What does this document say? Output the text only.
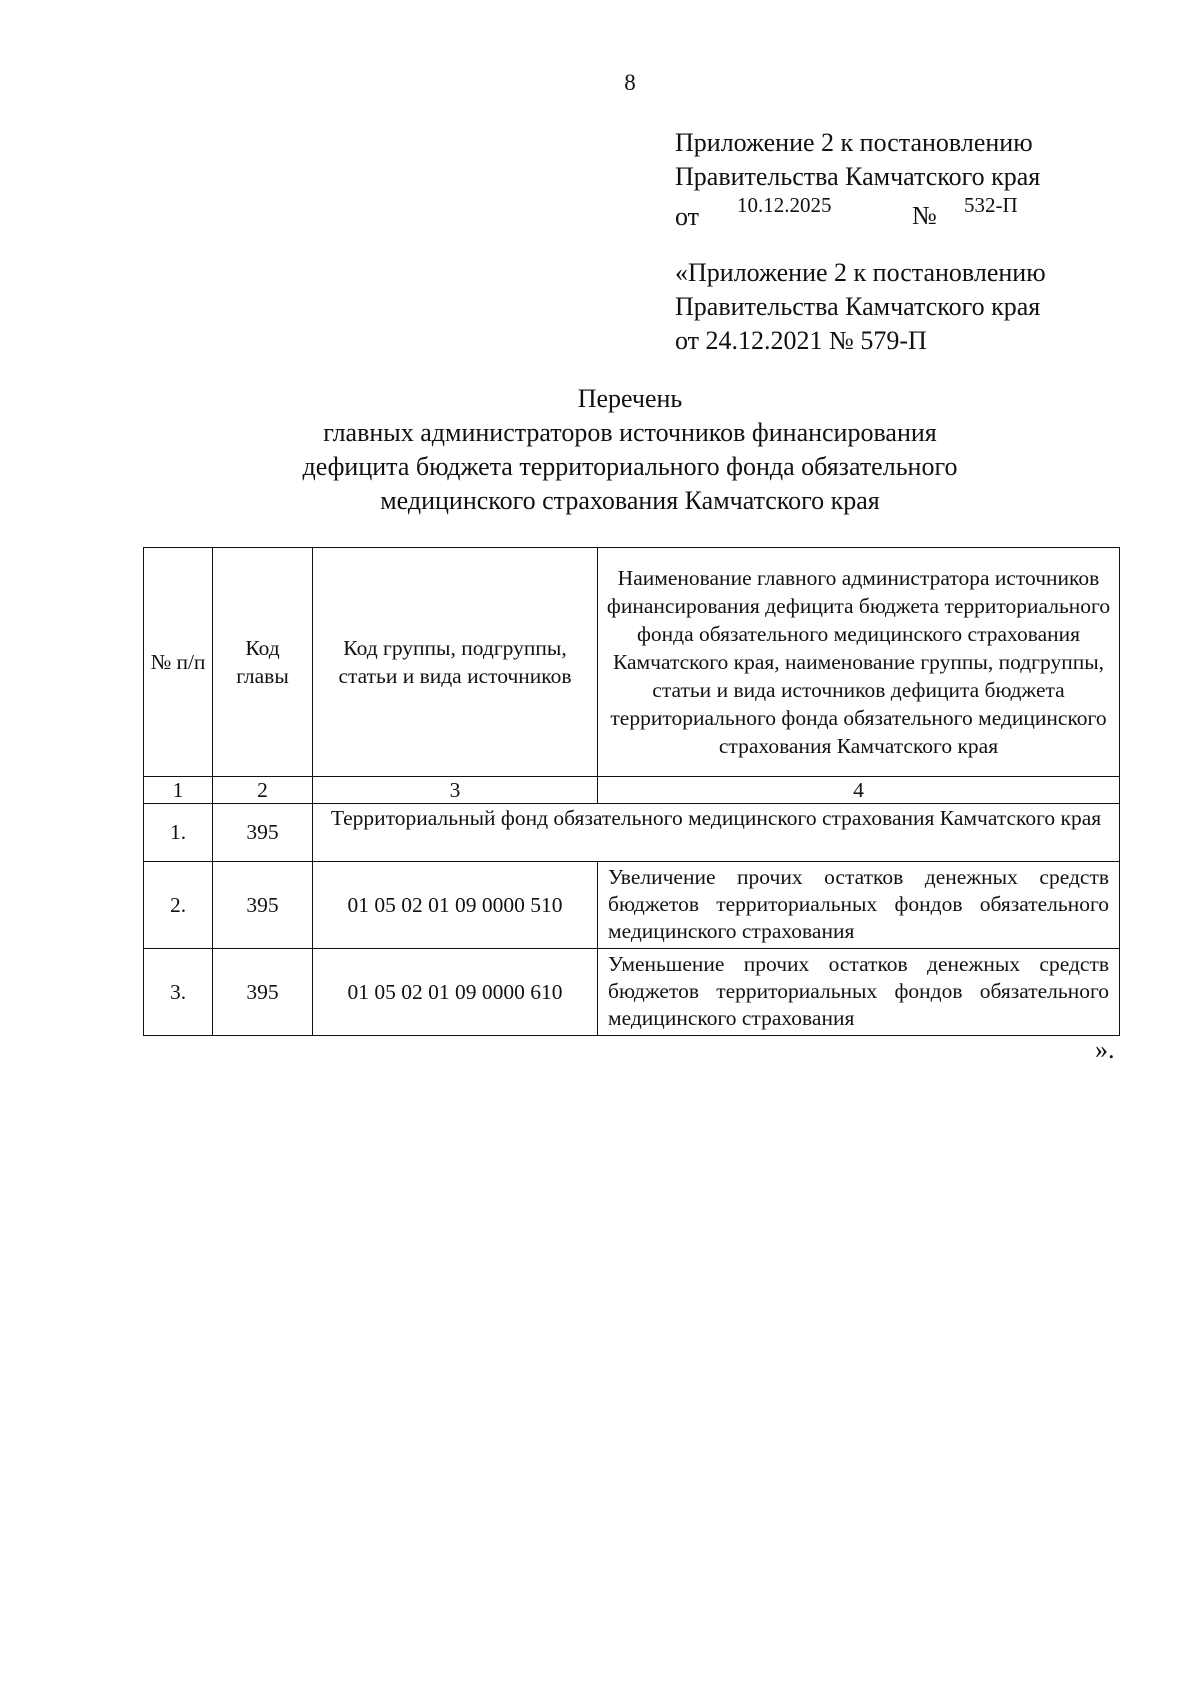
8
Приложение 2 к постановлению
Правительства Камчатского края
от 10.12.2025	№ 532-П
«Приложение 2 к постановлению
Правительства Камчатского края
от 24.12.2021 № 579-П
Перечень
главных администраторов источников финансирования
дефицита бюджета территориального фонда обязательного
медицинского страхования Камчатского края
№ п/п	Код главы	Код группы, подгруппы, статьи и вида источников	Наименование главного администратора источников финансирования дефицита бюджета территориального фонда обязательного медицинского страхования Камчатского края, наименование группы, подгруппы, статьи и вида источников дефицита бюджета территориального фонда обязательного медицинского страхования Камчатского края
1	2	3	4
1.	395	Территориальный фонд обязательного медицинского страхования Камчатского края	
2.	395	01 05 02 01 09 0000 510	Увеличение прочих остатков денежных средств бюджетов территориальных фондов обязательного медицинского страхования
3.	395	01 05 02 01 09 0000 610	Уменьшение прочих остатков денежных средств бюджетов территориальных фондов обязательного медицинского страхования
».
